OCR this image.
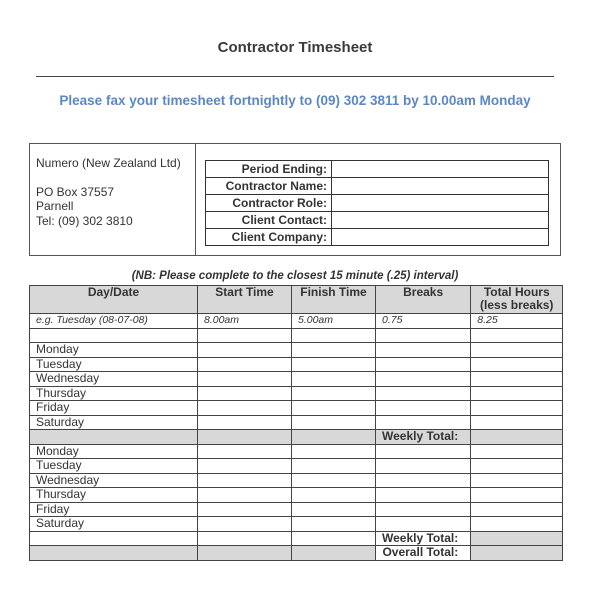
Contractor Timesheet
Please fax your timesheet fortnightly to (09) 302 3811 by 10.00am Monday
Numero (New Zealand Ltd)
PO Box 37557
Parnell
Tel: (09) 302 3810
Period Ending:	
Contractor Name:	
Contractor Role:	
Client Contact:	
Client Company:	
(NB: Please complete to the closest 15 minute (.25) interval)
Day/Date	Start Time	Finish Time	Breaks	Total Hours
(less breaks)

e.g. Tuesday (08-07-08)	8.00am	5.00am	0.75	8.25

Monday				
Tuesday				
Wednesday				
Thursday				
Friday				
Saturday				
			Weekly Total:	
Monday				
Tuesday				
Wednesday				
Thursday				
Friday				
Saturday				
			Weekly Total:	
			Overall Total:	
